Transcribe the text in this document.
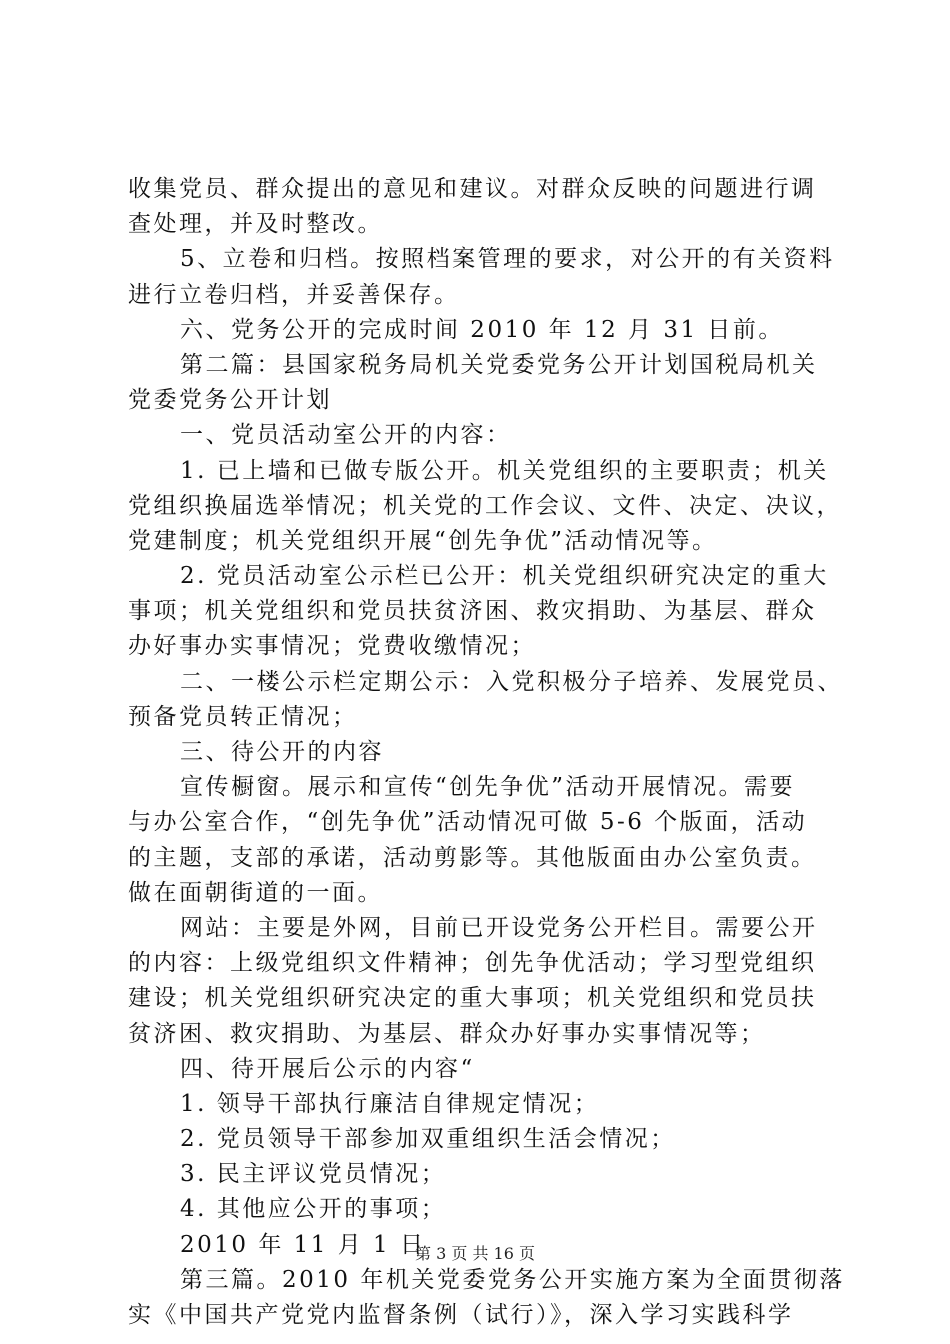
收集党员、群众提出的意见和建议。对群众反映的问题进行调
查处理，并及时整改。
5、立卷和归档。按照档案管理的要求，对公开的有关资料
进行立卷归档，并妥善保存。
六、党务公开的完成时间 2010 年 12 月 31 日前。
第二篇：县国家税务局机关党委党务公开计划国税局机关
党委党务公开计划
一、党员活动室公开的内容：
1. 已上墙和已做专版公开。机关党组织的主要职责；机关
党组织换届选举情况；机关党的工作会议、文件、决定、决议，
党建制度；机关党组织开展“创先争优”活动情况等。
2. 党员活动室公示栏已公开：机关党组织研究决定的重大
事项；机关党组织和党员扶贫济困、救灾捐助、为基层、群众
办好事办实事情况；党费收缴情况；
二、一楼公示栏定期公示：入党积极分子培养、发展党员、
预备党员转正情况；
三、待公开的内容
宣传橱窗。展示和宣传“创先争优”活动开展情况。需要
与办公室合作，“创先争优”活动情况可做 5-6 个版面，活动
的主题，支部的承诺，活动剪影等。其他版面由办公室负责。
做在面朝街道的一面。
网站：主要是外网，目前已开设党务公开栏目。需要公开
的内容：上级党组织文件精神；创先争优活动；学习型党组织
建设；机关党组织研究决定的重大事项；机关党组织和党员扶
贫济困、救灾捐助、为基层、群众办好事办实事情况等；
四、待开展后公示的内容“
1. 领导干部执行廉洁自律规定情况；
2. 党员领导干部参加双重组织生活会情况；
3. 民主评议党员情况；
4. 其他应公开的事项；
2010 年 11 月 1 日
第三篇。2010 年机关党委党务公开实施方案为全面贯彻落
实《中国共产党党内监督条例（试行）》，深入学习实践科学
第 3 页 共 16 页
